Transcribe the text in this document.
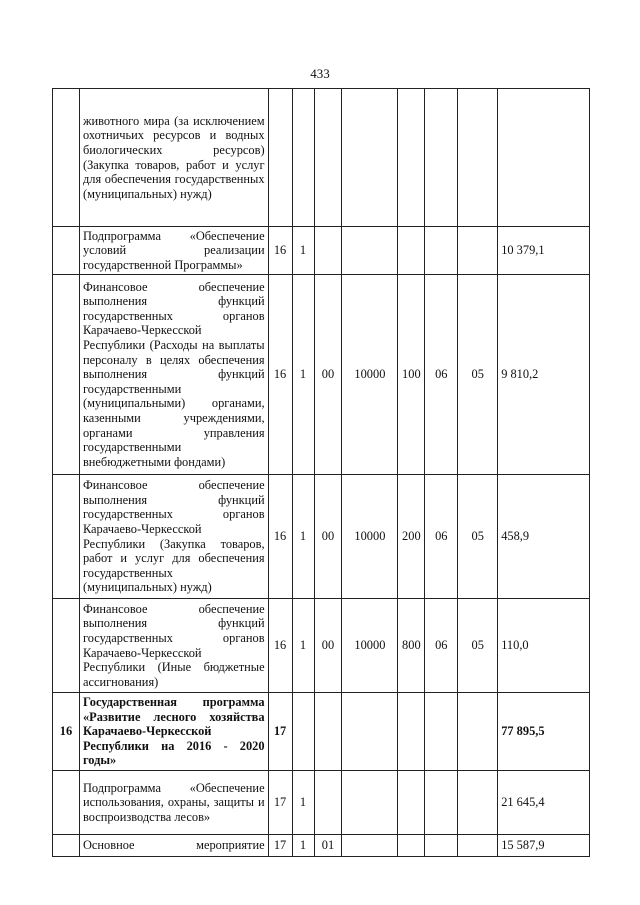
433
	животного мира (за исключением охотничьих ресурсов и водных биологических ресурсов) (Закупка товаров, работ и услуг для обеспечения государственных (муниципальных) нужд)								
	Подпрограмма «Обеспечение условий реализации государственной Программы»	16	1						10 379,1
	Финансовое обеспечение выполнения функций государственных органов Карачаево-Черкесской Республики (Расходы на выплаты персоналу в целях обеспечения выполнения функций государственными (муниципальными) органами, казенными учреждениями, органами управления государственными внебюджетными фондами)	16	1	00	10000	100	06	05	9 810,2
	Финансовое обеспечение выполнения функций государственных органов Карачаево-Черкесской Республики (Закупка товаров, работ и услуг для обеспечения государственных (муниципальных) нужд)	16	1	00	10000	200	06	05	458,9
	Финансовое обеспечение выполнения функций государственных органов Карачаево-Черкесской Республики (Иные бюджетные ассигнования)	16	1	00	10000	800	06	05	110,0
16	Государственная программа «Развитие лесного хозяйства Карачаево-Черкесской Республики на 2016 - 2020 годы»	17							77 895,5
	Подпрограмма «Обеспечение использования, охраны, защиты и воспроизводства лесов»	17	1						21 645,4
	Основное мероприятие	17	1	01					15 587,9
